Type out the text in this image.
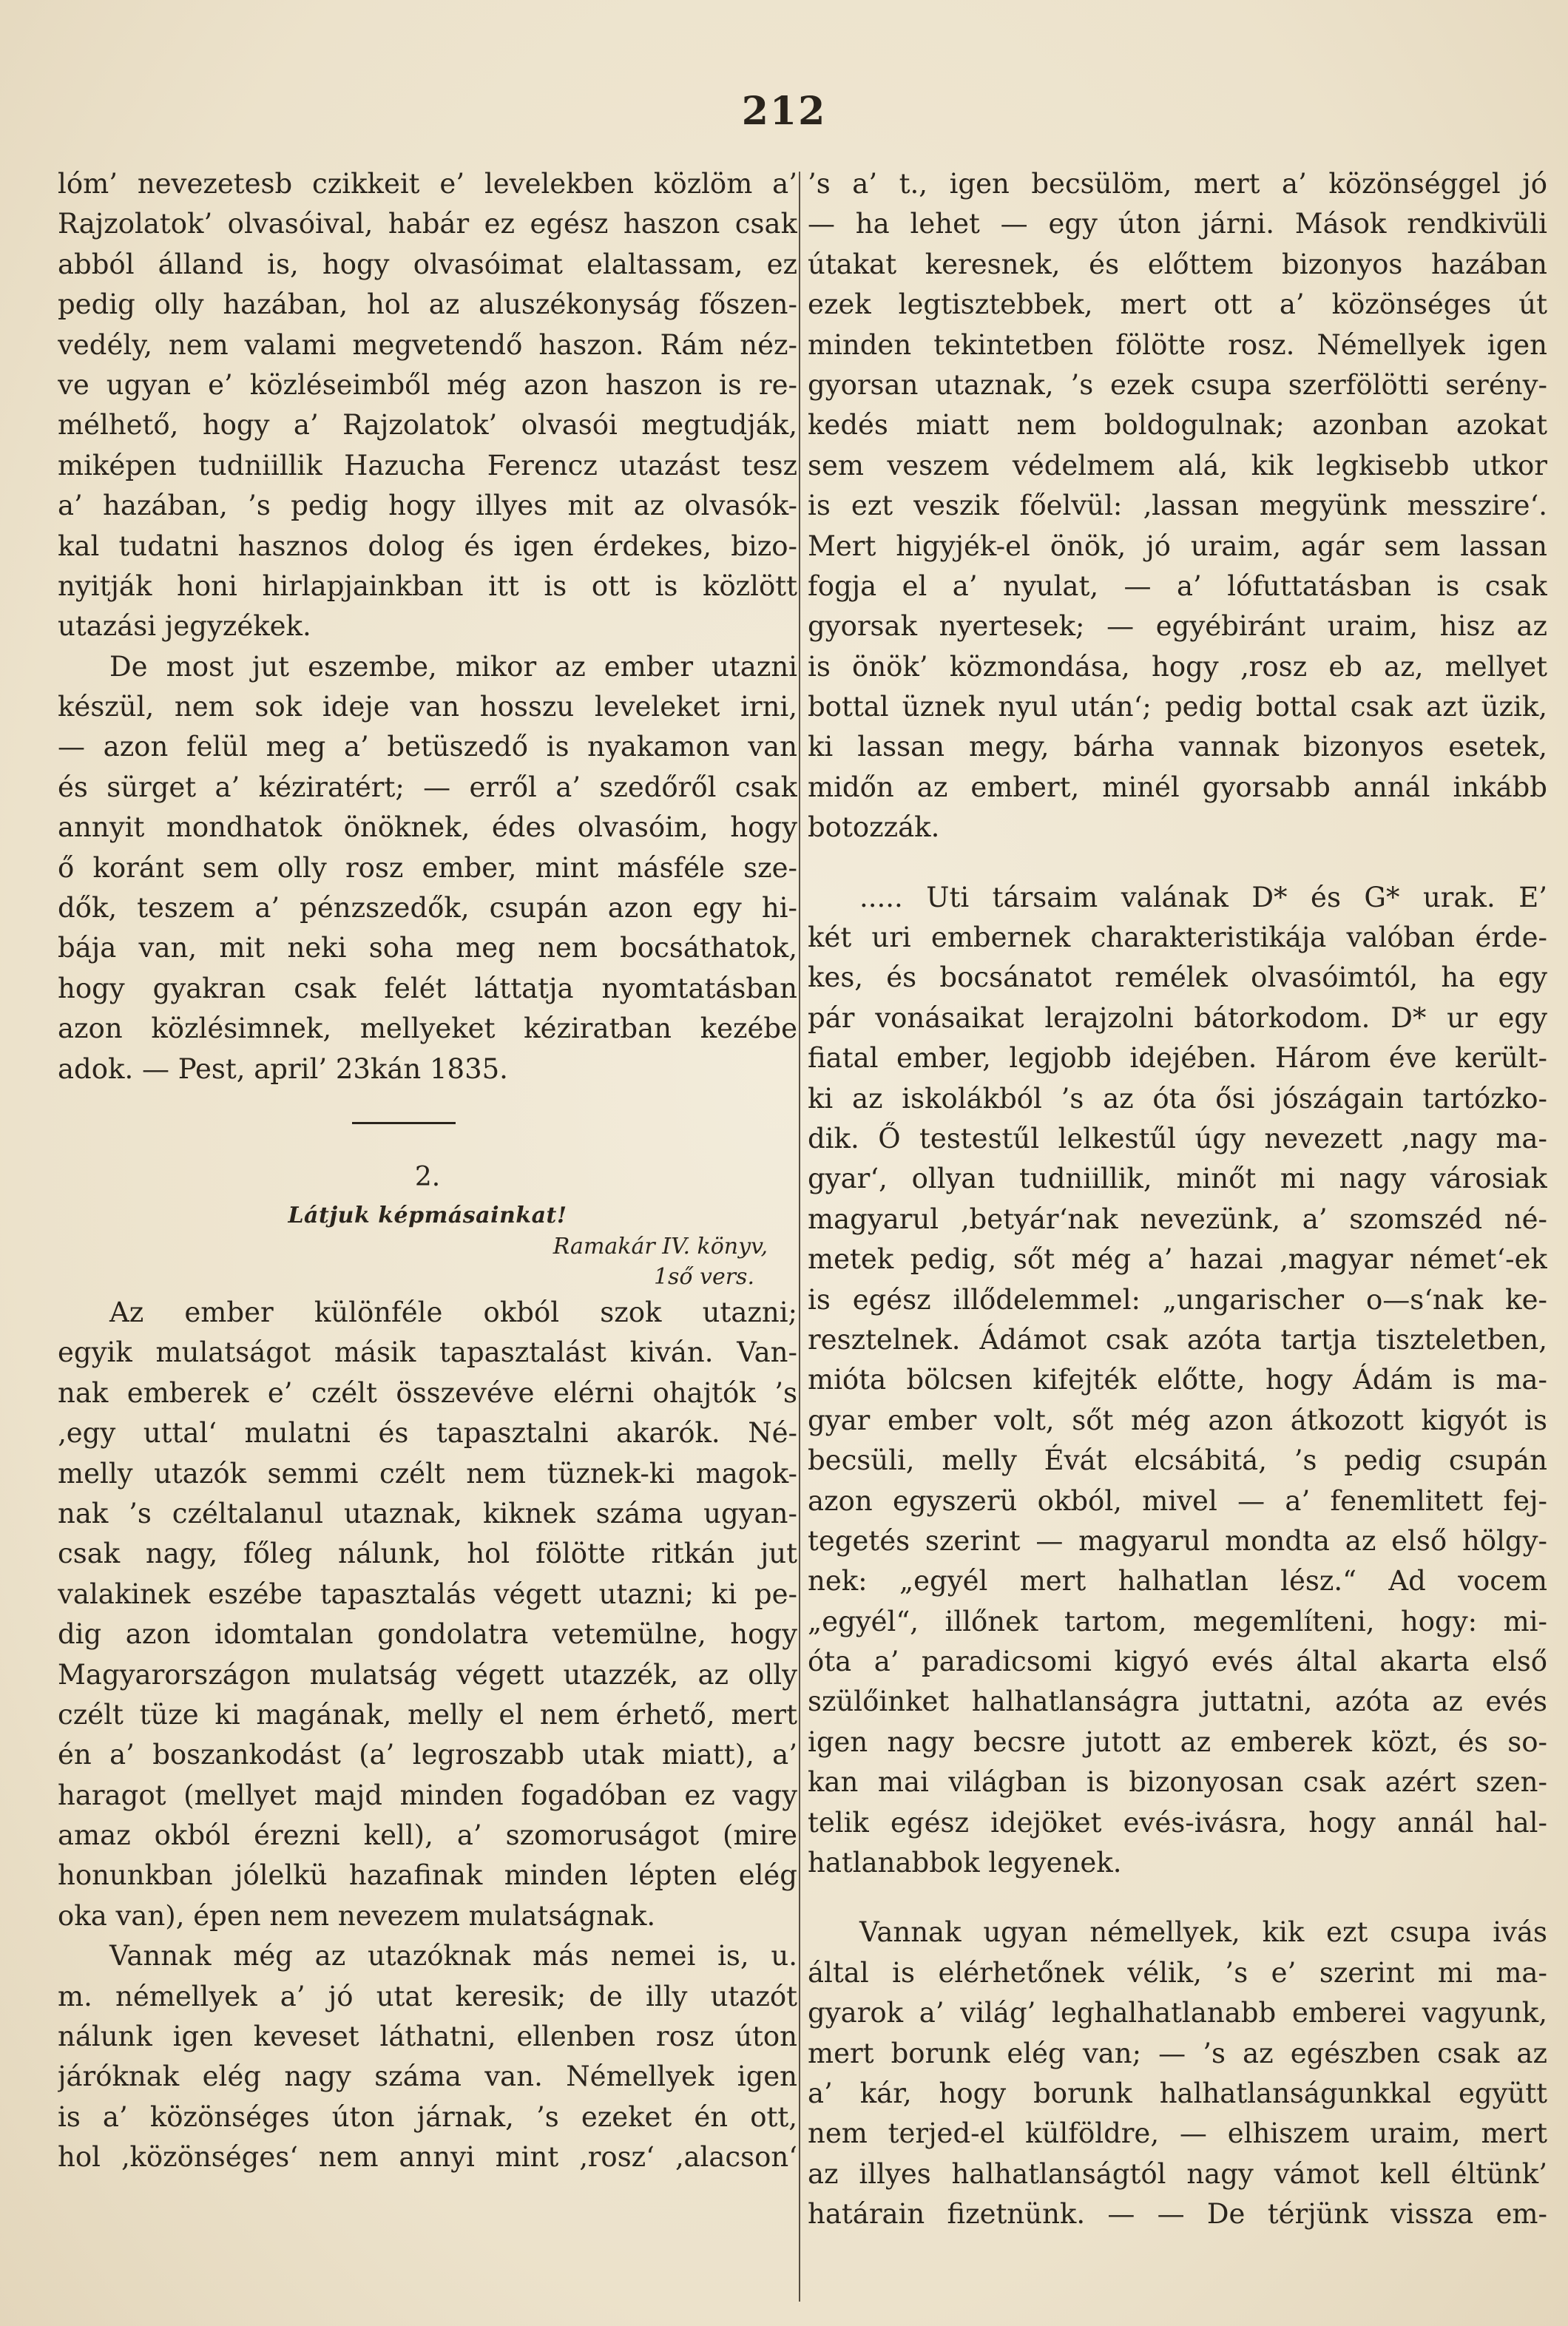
212
lóm’ nevezetesb czikkeit e’ levelekben közlöm a’
Rajzolatok’ olvasóival, habár ez egész haszon csak
abból álland is, hogy olvasóimat elaltassam, ez
pedig olly hazában, hol az aluszékonyság főszen-
vedély, nem valami megvetendő haszon. Rám néz-
ve ugyan e’ közléseimből még azon haszon is re-
mélhető, hogy a’ Rajzolatok’ olvasói megtudják,
miképen tudniillik Hazucha Ferencz utazást tesz
a’ hazában, ’s pedig hogy illyes mit az olvasók-
kal tudatni hasznos dolog és igen érdekes, bizo-
nyitják honi hirlapjainkban itt is ott is közlött
utazási jegyzékek.
De most jut eszembe, mikor az ember utazni
készül, nem sok ideje van hosszu leveleket irni,
— azon felül meg a’ betüszedő is nyakamon van
és sürget a’ kéziratért; — erről a’ szedőről csak
annyit mondhatok önöknek, édes olvasóim, hogy
ő koránt sem olly rosz ember, mint másféle sze-
dők, teszem a’ pénzszedők, csupán azon egy hi-
bája van, mit neki soha meg nem bocsáthatok,
hogy gyakran csak felét láttatja nyomtatásban
azon közlésimnek, mellyeket kéziratban kezébe
adok. — Pest, april’ 23kán 1835.
2.
Látjuk képmásainkat!
Ramakár IV. könyv,
1ső vers.
Az ember különféle okból szok utazni;
egyik mulatságot másik tapasztalást kiván. Van-
nak emberek e’ czélt összevéve elérni ohajtók ’s
‚egy uttal‘ mulatni és tapasztalni akarók. Né-
melly utazók semmi czélt nem tüznek-ki magok-
nak ’s czéltalanul utaznak, kiknek száma ugyan-
csak nagy, főleg nálunk, hol fölötte ritkán jut
valakinek eszébe tapasztalás végett utazni; ki pe-
dig azon idomtalan gondolatra vetemülne, hogy
Magyarországon mulatság végett utazzék, az olly
czélt tüze ki magának, melly el nem érhető, mert
én a’ boszankodást (a’ legroszabb utak miatt), a’
haragot (mellyet majd minden fogadóban ez vagy
amaz okból érezni kell), a’ szomoruságot (mire
honunkban jólelkü hazafinak minden lépten elég
oka van), épen nem nevezem mulatságnak.
Vannak még az utazóknak más nemei is, u.
m. némellyek a’ jó utat keresik; de illy utazót
nálunk igen keveset láthatni, ellenben rosz úton
járóknak elég nagy száma van. Némellyek igen
is a’ közönséges úton járnak, ’s ezeket én ott,
hol ‚közönséges‘ nem annyi mint ‚rosz‘ ‚alacson‘
’s a’ t., igen becsülöm, mert a’ közönséggel jó
— ha lehet — egy úton járni. Mások rendkivüli
útakat keresnek, és előttem bizonyos hazában
ezek legtisztebbek, mert ott a’ közönséges út
minden tekintetben fölötte rosz. Némellyek igen
gyorsan utaznak, ’s ezek csupa szerfölötti serény-
kedés miatt nem boldogulnak; azonban azokat
sem veszem védelmem alá, kik legkisebb utkor
is ezt veszik főelvül: ‚lassan megyünk messzire‘.
Mert higyjék-el önök, jó uraim, agár sem lassan
fogja el a’ nyulat, — a’ lófuttatásban is csak
gyorsak nyertesek; — egyébiránt uraim, hisz az
is önök’ közmondása, hogy ‚rosz eb az, mellyet
bottal üznek nyul után‘; pedig bottal csak azt üzik,
ki lassan megy, bárha vannak bizonyos esetek,
midőn az embert, minél gyorsabb annál inkább
botozzák.
..... Uti társaim valának D* és G* urak. E’
két uri embernek charakteristikája valóban érde-
kes, és bocsánatot remélek olvasóimtól, ha egy
pár vonásaikat lerajzolni bátorkodom. D* ur egy
fiatal ember, legjobb idejében. Három éve került-
ki az iskolákból ’s az óta ősi jószágain tartózko-
dik. Ő testestűl lelkestűl úgy nevezett ‚nagy ma-
gyar‘, ollyan tudniillik, minőt mi nagy városiak
magyarul ‚betyár‘nak nevezünk, a’ szomszéd né-
metek pedig, sőt még a’ hazai ‚magyar német‘-ek
is egész illődelemmel: „ungarischer o—s‘nak ke-
resztelnek. Ádámot csak azóta tartja tiszteletben,
mióta bölcsen kifejték előtte, hogy Ádám is ma-
gyar ember volt, sőt még azon átkozott kigyót is
becsüli, melly Évát elcsábitá, ’s pedig csupán
azon egyszerü okból, mivel — a’ fenemlitett fej-
tegetés szerint — magyarul mondta az első hölgy-
nek: „egyél mert halhatlan lész.“ Ad vocem
„egyél“, illőnek tartom, megemlíteni, hogy: mi-
óta a’ paradicsomi kigyó evés által akarta első
szülőinket halhatlanságra juttatni, azóta az evés
igen nagy becsre jutott az emberek közt, és so-
kan mai világban is bizonyosan csak azért szen-
telik egész idejöket evés-ivásra, hogy annál hal-
hatlanabbok legyenek.
Vannak ugyan némellyek, kik ezt csupa ivás
által is elérhetőnek vélik, ’s e’ szerint mi ma-
gyarok a’ világ’ leghalhatlanabb emberei vagyunk,
mert borunk elég van; — ’s az egészben csak az
a’ kár, hogy borunk halhatlanságunkkal együtt
nem terjed-el külföldre, — elhiszem uraim, mert
az illyes halhatlanságtól nagy vámot kell éltünk’
határain fizetnünk. — — De térjünk vissza em-
